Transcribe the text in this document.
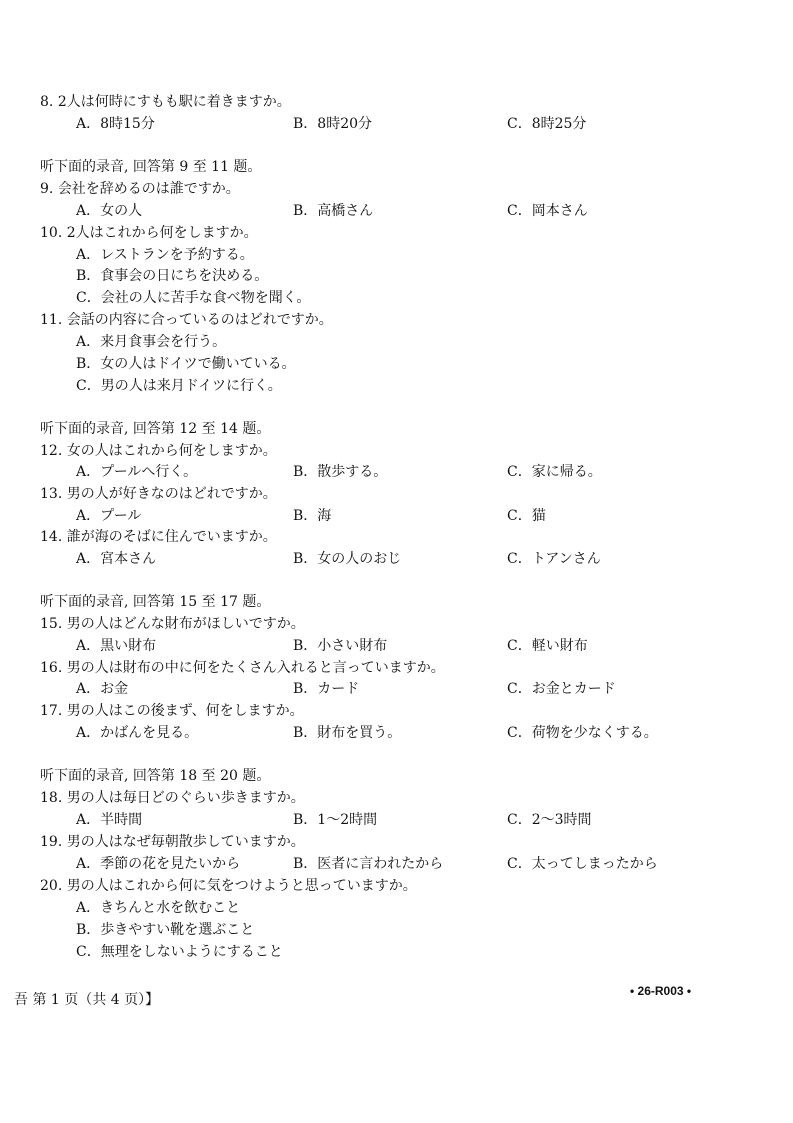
8. 2人は何時にすもも駅に着きますか。
A．8時15分	B．8時20分	C．8時25分
听下面的录音, 回答第 9 至 11 题。
9. 会社を辞めるのは誰ですか。
A．女の人	B．高橋さん	C．岡本さん
10. 2人はこれから何をしますか。
A．レストランを予約する。
B．食事会の日にちを決める。
C．会社の人に苦手な食べ物を聞く。
11. 会話の内容に合っているのはどれですか。
A．来月食事会を行う。
B．女の人はドイツで働いている。
C．男の人は来月ドイツに行く。
听下面的录音, 回答第 12 至 14 题。
12. 女の人はこれから何をしますか。
A．プールへ行く。	B．散歩する。	C．家に帰る。
13. 男の人が好きなのはどれですか。
A．プール	B．海	C．猫
14. 誰が海のそばに住んでいますか。
A．宮本さん	B．女の人のおじ	C．トアンさん
听下面的录音, 回答第 15 至 17 题。
15. 男の人はどんな財布がほしいですか。
A．黒い財布	B．小さい財布	C．軽い財布
16. 男の人は財布の中に何をたくさん入れると言っていますか。
A．お金	B．カード	C．お金とカード
17. 男の人はこの後まず、何をしますか。
A．かばんを見る。	B．財布を買う。	C．荷物を少なくする。
听下面的录音, 回答第 18 至 20 题。
18. 男の人は毎日どのぐらい歩きますか。
A．半時間	B．1～2時間	C．2～3時間
19. 男の人はなぜ毎朝散歩していますか。
A．季節の花を見たいから	B．医者に言われたから	C．太ってしまったから
20. 男の人はこれから何に気をつけようと思っていますか。
A．きちんと水を飲むこと
B．歩きやすい靴を選ぶこと
C．無理をしないようにすること
吾 第 1 页（共 4 页）】
• 26-R003 •
